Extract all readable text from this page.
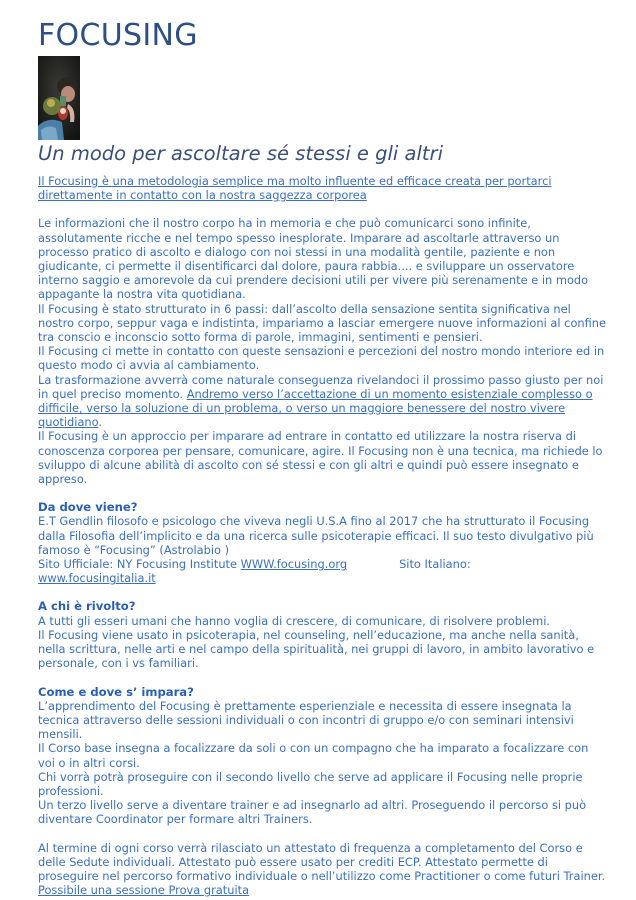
FOCUSING
Un modo per ascoltare sé stessi e gli altri
Il Focusing è una metodologia semplice ma molto influente ed efficace creata per portarci direttamente in contatto con la nostra saggezza corporea

Le informazioni che il nostro corpo ha in memoria e che può comunicarci sono infinite, assolutamente ricche e nel tempo spesso inesplorate. Imparare ad ascoltarle attraverso un processo pratico di ascolto e dialogo con noi stessi in una modalità gentile, paziente e non giudicante, ci permette il disentificarci dal dolore, paura rabbia.... e sviluppare un osservatore interno saggio e amorevole da cui prendere decisioni utili per vivere più serenamente e in modo appagante la nostra vita quotidiana.

Il Focusing è stato strutturato in 6 passi: dall’ascolto della sensazione sentita significativa nel nostro corpo, seppur vaga e indistinta, impariamo a lasciar emergere nuove informazioni al confine tra conscio e inconscio sotto forma di parole, immagini, sentimenti e pensieri.

Il Focusing ci mette in contatto con queste sensazioni e percezioni del nostro mondo interiore ed in questo modo ci avvia al cambiamento.

La trasformazione avverrà come naturale conseguenza rivelandoci il prossimo passo giusto per noi in quel preciso momento. Andremo verso l’accettazione di un momento esistenziale complesso o difficile, verso la soluzione di un problema, o verso un maggiore benessere del nostro vivere quotidiano.

Il Focusing è un approccio per imparare ad entrare in contatto ed utilizzare la nostra riserva di conoscenza corporea per pensare, comunicare, agire. Il Focusing non è una tecnica, ma richiede lo sviluppo di alcune abilità di ascolto con sé stessi e con gli altri e quindi può essere insegnato e appreso.

Da dove viene?

E.T Gendlin filosofo e psicologo che viveva negli U.S.A fino al 2017 che ha strutturato il Focusing dalla Filosofia dell’implicito e da una ricerca sulle psicoterapie efficaci. Il suo testo divulgativo più famoso è “Focusing” (Astrolabio )

Sito Ufficiale: NY Focusing Institute WWW.focusing.org	Sito Italiano:
www.focusingitalia.it

A chi è rivolto?

A tutti gli esseri umani che hanno voglia di crescere, di comunicare, di risolvere problemi.

Il Focusing viene usato in psicoterapia, nel counseling, nell’educazione, ma anche nella sanità, nella scrittura, nelle arti e nel campo della spiritualità, nei gruppi di lavoro, in ambito lavorativo e personale, con i vs familiari.

Come e dove s’ impara?

L’apprendimento del Focusing è prettamente esperienziale e necessita di essere insegnata la tecnica attraverso delle sessioni individuali o con incontri di gruppo e/o con seminari intensivi mensili.

Il Corso base insegna a focalizzare da soli o con un compagno che ha imparato a focalizzare con voi o in altri corsi.

Chi vorrà potrà proseguire con il secondo livello che serve ad applicare il Focusing nelle proprie professioni.

Un terzo livello serve a diventare trainer e ad insegnarlo ad altri. Proseguendo il percorso si può diventare Coordinator per formare altri Trainers.

Al termine di ogni corso verrà rilasciato un attestato di frequenza a completamento del Corso e delle Sedute individuali. Attestato può essere usato per crediti ECP. Attestato permette di proseguire nel percorso formativo individuale o nell’utilizzo come Practitioner o come futuri Trainer. Possibile una sessione Prova gratuita
